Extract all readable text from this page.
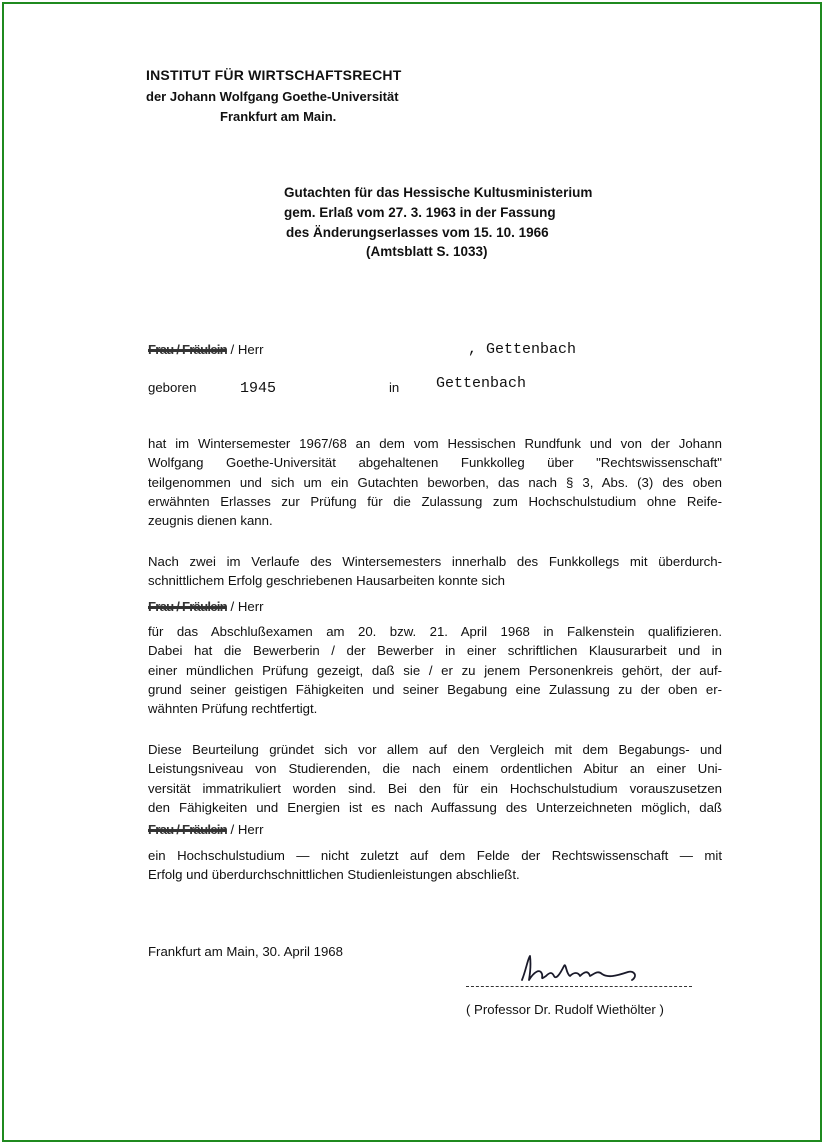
INSTITUT FÜR WIRTSCHAFTSRECHT
der Johann Wolfgang Goethe-Universität
Frankfurt am Main.
Gutachten für das Hessische Kultusministerium
gem. Erlaß vom 27. 3. 1963 in der Fassung
des Änderungserlasses vom 15. 10. 1966
(Amtsblatt S. 1033)
Frau / Fräulein / Herr	, Gettenbach
geboren	1945	in Gettenbach
hat im Wintersemester 1967/68 an dem vom Hessischen Rundfunk und von der Johann
Wolfgang Goethe-Universität abgehaltenen Funkkolleg über "Rechtswissenschaft"
teilgenommen und sich um ein Gutachten beworben, das nach § 3, Abs. (3) des oben
erwähnten Erlasses zur Prüfung für die Zulassung zum Hochschulstudium ohne Reife-
zeugnis dienen kann.
Nach zwei im Verlaufe des Wintersemesters innerhalb des Funkkollegs mit überdurch-
schnittlichem Erfolg geschriebenen Hausarbeiten konnte sich
Frau / Fräulein / Herr
für das Abschlußexamen am 20. bzw. 21. April 1968 in Falkenstein qualifizieren.
Dabei hat die Bewerberin / der Bewerber in einer schriftlichen Klausurarbeit und in
einer mündlichen Prüfung gezeigt, daß sie / er zu jenem Personenkreis gehört, der auf-
grund seiner geistigen Fähigkeiten und seiner Begabung eine Zulassung zu der oben er-
wähnten Prüfung rechtfertigt.
Diese Beurteilung gründet sich vor allem auf den Vergleich mit dem Begabungs- und
Leistungsniveau von Studierenden, die nach einem ordentlichen Abitur an einer Uni-
versität immatrikuliert worden sind. Bei den für ein Hochschulstudium vorauszusetzen
den Fähigkeiten und Energien ist es nach Auffassung des Unterzeichneten möglich, daß
Frau / Fräulein / Herr
ein Hochschulstudium — nicht zuletzt auf dem Felde der Rechtswissenschaft — mit
Erfolg und überdurchschnittlichen Studienleistungen abschließt.
Frankfurt am Main, 30. April 1968
( Professor Dr. Rudolf Wiethölter )
